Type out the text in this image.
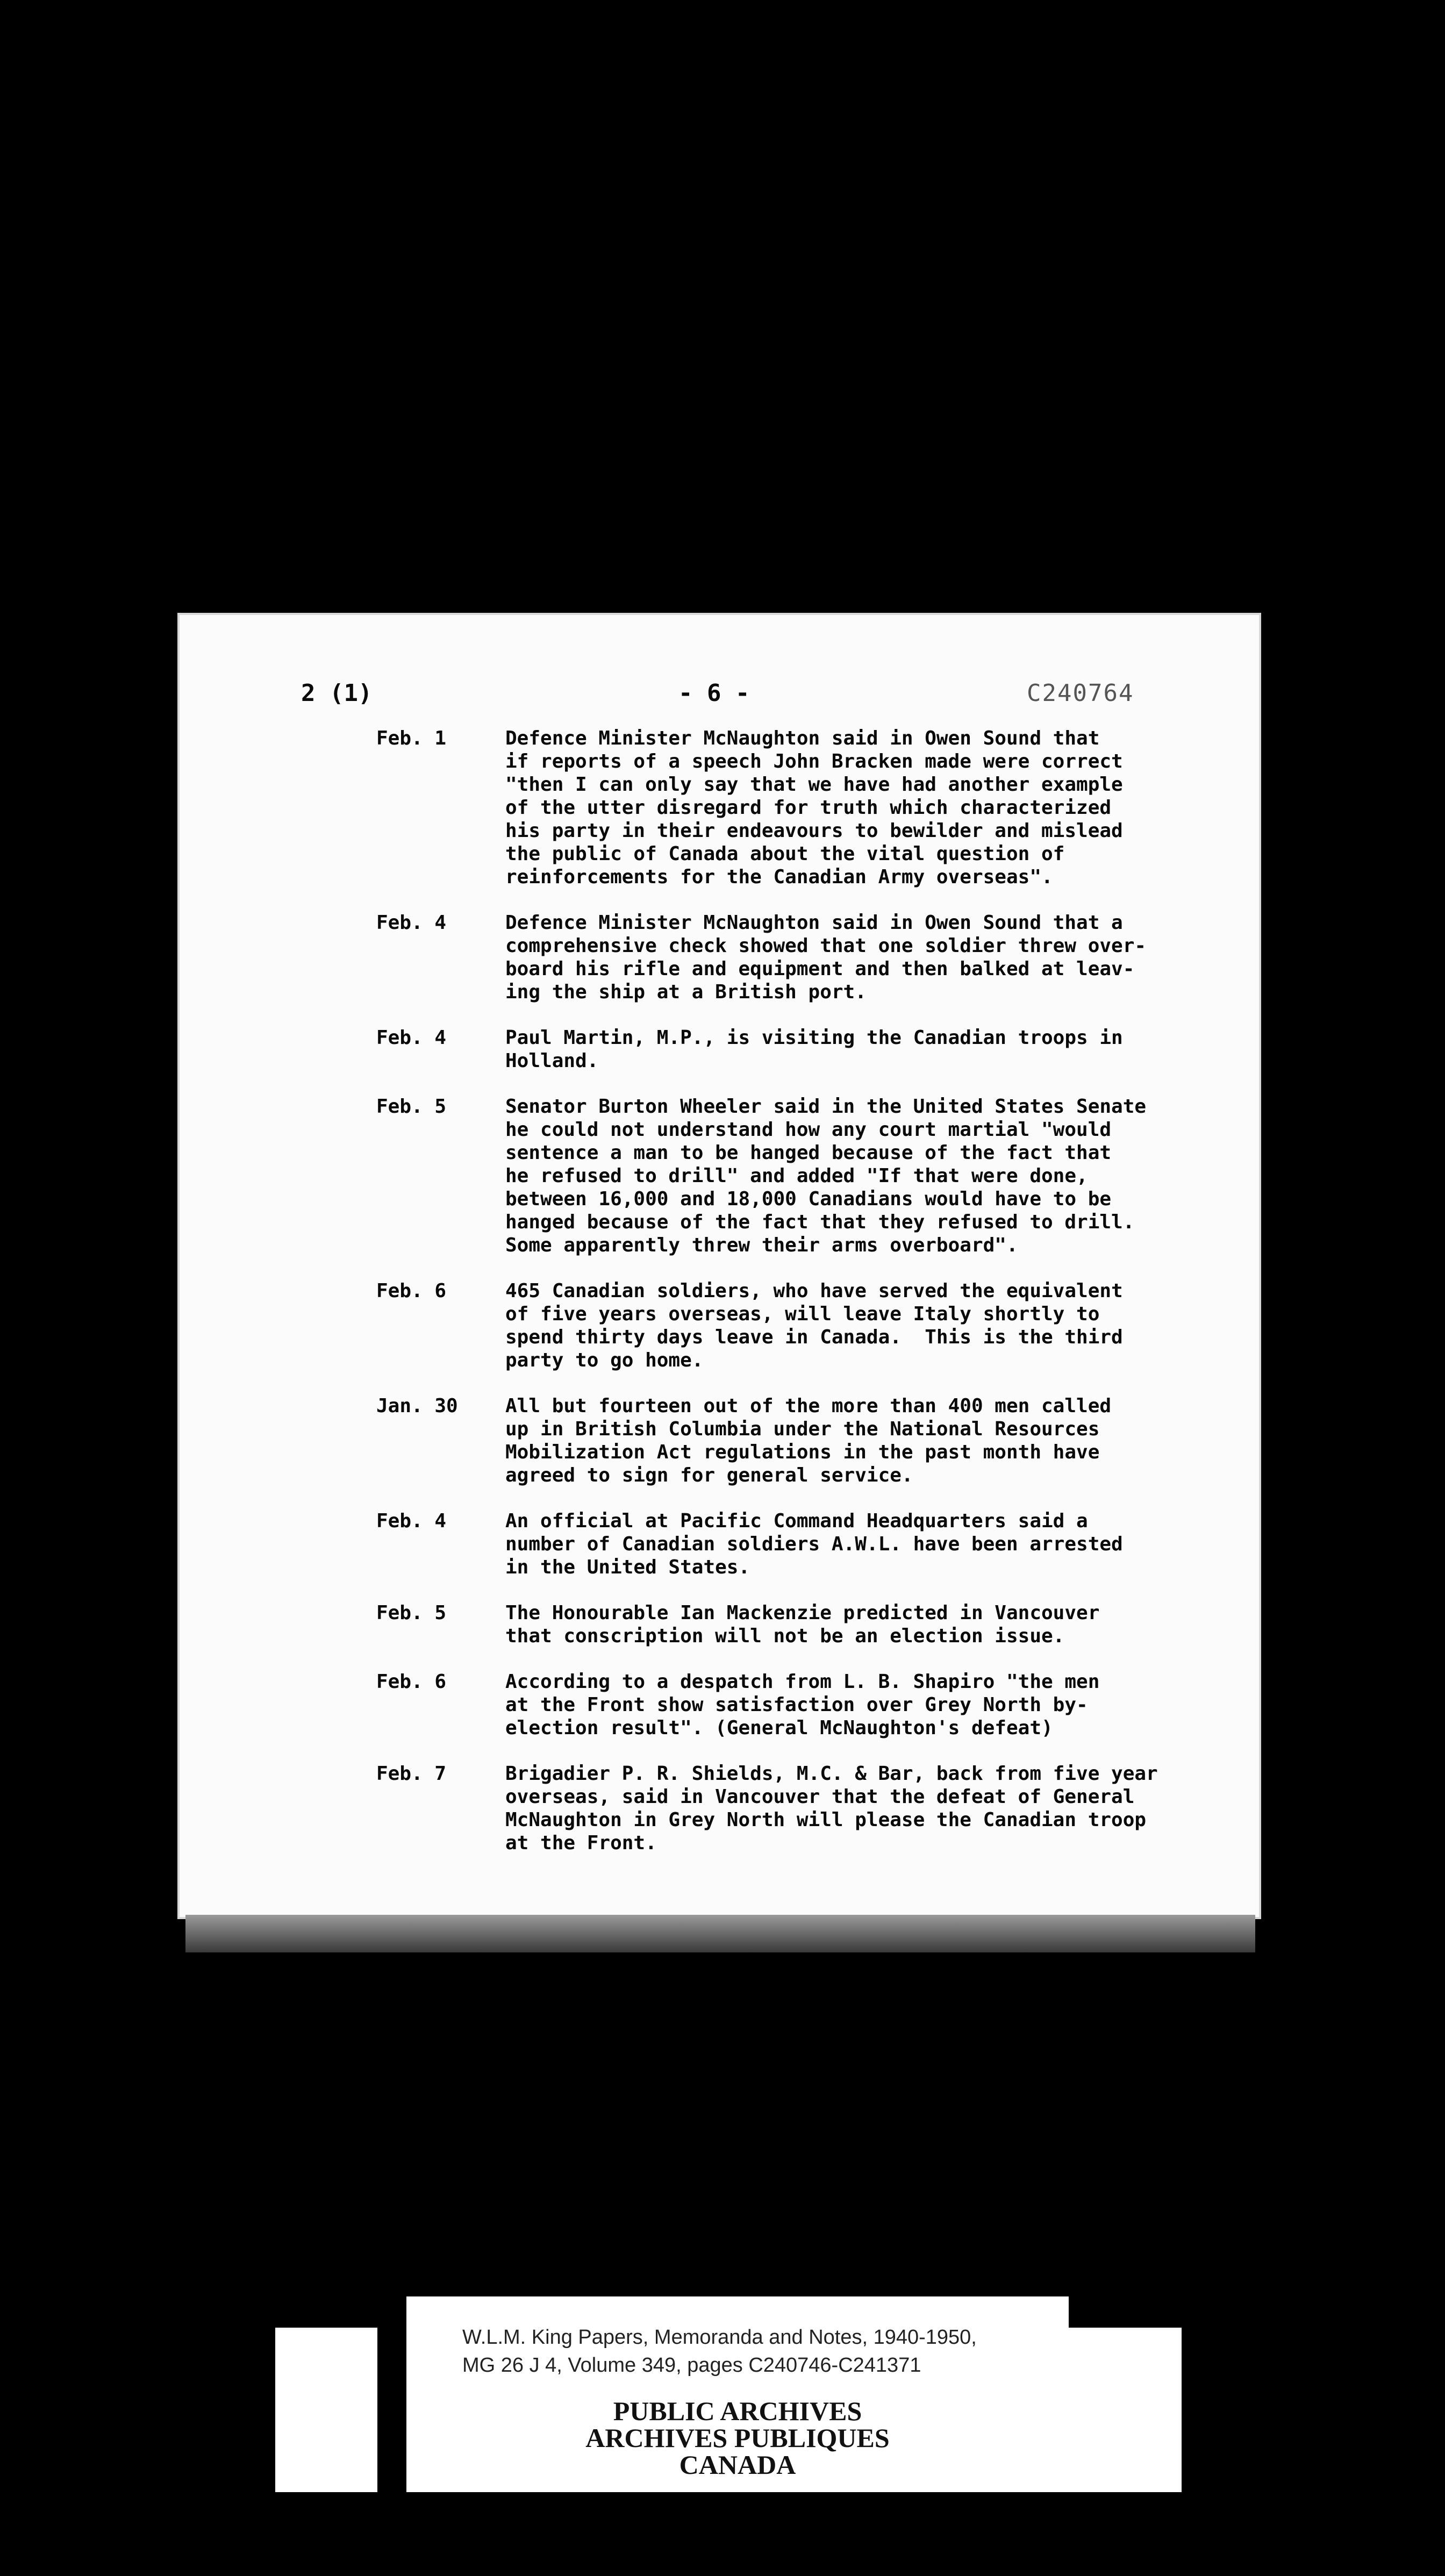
2 (1)	- 6 -	C240764
Feb. 1	Defence Minister McNaughton said in Owen Sound that
if reports of a speech John Bracken made were correct
"then I can only say that we have had another example
of the utter disregard for truth which characterized
his party in their endeavours to bewilder and mislead
the public of Canada about the vital question of
reinforcements for the Canadian Army overseas".
Feb. 4	Defence Minister McNaughton said in Owen Sound that a
comprehensive check showed that one soldier threw over-
board his rifle and equipment and then balked at leav-
ing the ship at a British port.
Feb. 4	Paul Martin, M.P., is visiting the Canadian troops in
Holland.
Feb. 5	Senator Burton Wheeler said in the United States Senate
he could not understand how any court martial "would
sentence a man to be hanged because of the fact that
he refused to drill" and added "If that were done,
between 16,000 and 18,000 Canadians would have to be
hanged because of the fact that they refused to drill.
Some apparently threw their arms overboard".
Feb. 6	465 Canadian soldiers, who have served the equivalent
of five years overseas, will leave Italy shortly to
spend thirty days leave in Canada.  This is the third
party to go home.
Jan. 30	All but fourteen out of the more than 400 men called
up in British Columbia under the National Resources
Mobilization Act regulations in the past month have
agreed to sign for general service.
Feb. 4	An official at Pacific Command Headquarters said a
number of Canadian soldiers A.W.L. have been arrested
in the United States.
Feb. 5	The Honourable Ian Mackenzie predicted in Vancouver
that conscription will not be an election issue.
Feb. 6	According to a despatch from L. B. Shapiro "the men
at the Front show satisfaction over Grey North by-
election result". (General McNaughton's defeat)
Feb. 7	Brigadier P. R. Shields, M.C. & Bar, back from five year
overseas, said in Vancouver that the defeat of General
McNaughton in Grey North will please the Canadian troop
at the Front.
W.L.M. King Papers, Memoranda and Notes, 1940-1950,
MG 26 J 4, Volume 349, pages C240746-C241371
PUBLIC ARCHIVES
ARCHIVES PUBLIQUES
CANADA
